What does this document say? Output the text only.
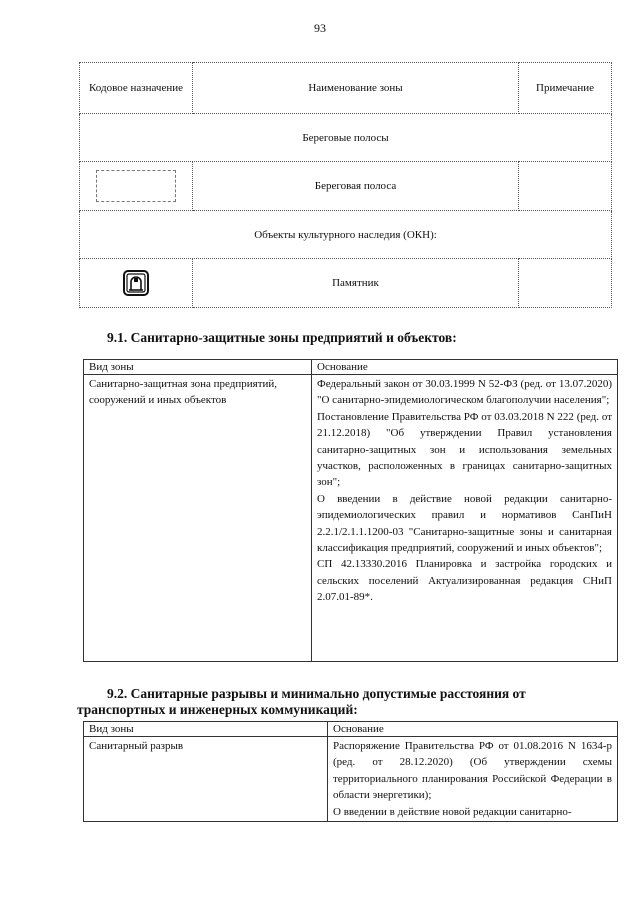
93
Кодовое назначение	Наименование зоны	Примечание
Береговые полосы		
	Береговая полоса	
Объекты культурного наследия (ОКН):		

	Памятник	
9.1. Санитарно-защитные зоны предприятий и объектов:
Вид зоны	Основание
Санитарно-защитная зона предприятий, сооружений и иных объектов	Федеральный закон от 30.03.1999 N 52-ФЗ (ред. от 13.07.2020) "О санитарно-эпидемиологическом благополучии населения";

Постановление Правительства РФ от 03.03.2018 N 222 (ред. от 21.12.2018) "Об утверждении Правил установления санитарно-защитных зон и использования земельных участков, расположенных в границах санитарно-защитных зон";

О введении в действие новой редакции санитарно-эпидемиологических правил и нормативов СанПиН 2.2.1/2.1.1.1200-03 "Санитарно-защитные зоны и санитарная классификация предприятий, сооружений и иных объектов";

СП 42.13330.2016 Планировка и застройка городских и сельских поселений Актуализированная редакция СНиП 2.07.01-89*.

9.2. Санитарные разрывы и минимально допустимые расстояния от транспортных и инженерных коммуникаций:
Вид зоны	Основание
Санитарный разрыв	Распоряжение Правительства РФ от 01.08.2016 N 1634-р (ред. от 28.12.2020) (Об утверждении схемы территориального планирования Российской Федерации в области энергетики);

О введении в действие новой редакции санитарно-
